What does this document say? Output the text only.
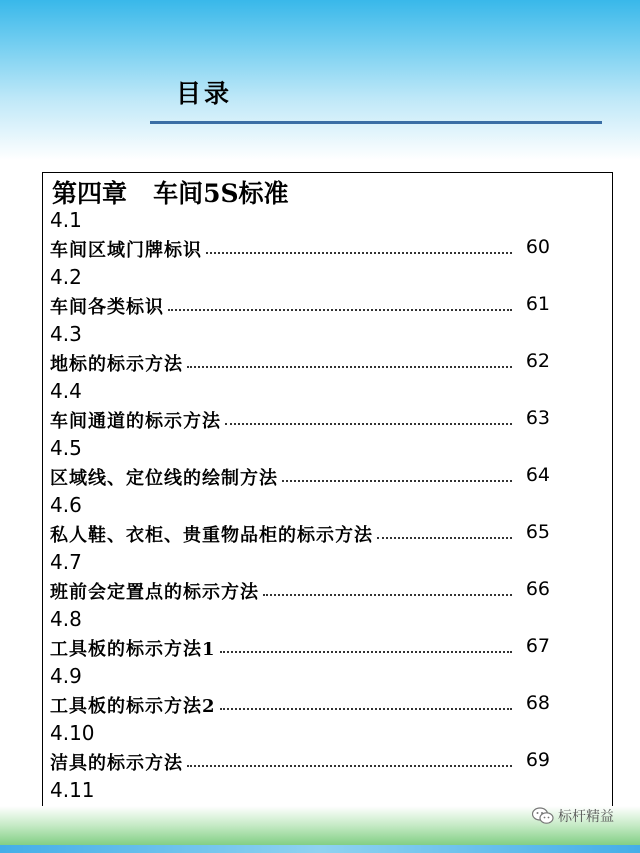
目录
第四章   车间5S标准
4.1
车间区域门牌标识	60
4.2
车间各类标识	61
4.3
地标的标示方法	62
4.4
车间通道的标示方法	63
4.5
区域线、定位线的绘制方法	64
4.6
私人鞋、衣柜、贵重物品柜的标示方法	65
4.7
班前会定置点的标示方法	66
4.8
工具板的标示方法1	67
4.9
工具板的标示方法2	68
4.10
洁具的标示方法	69
4.11
标杆精益
